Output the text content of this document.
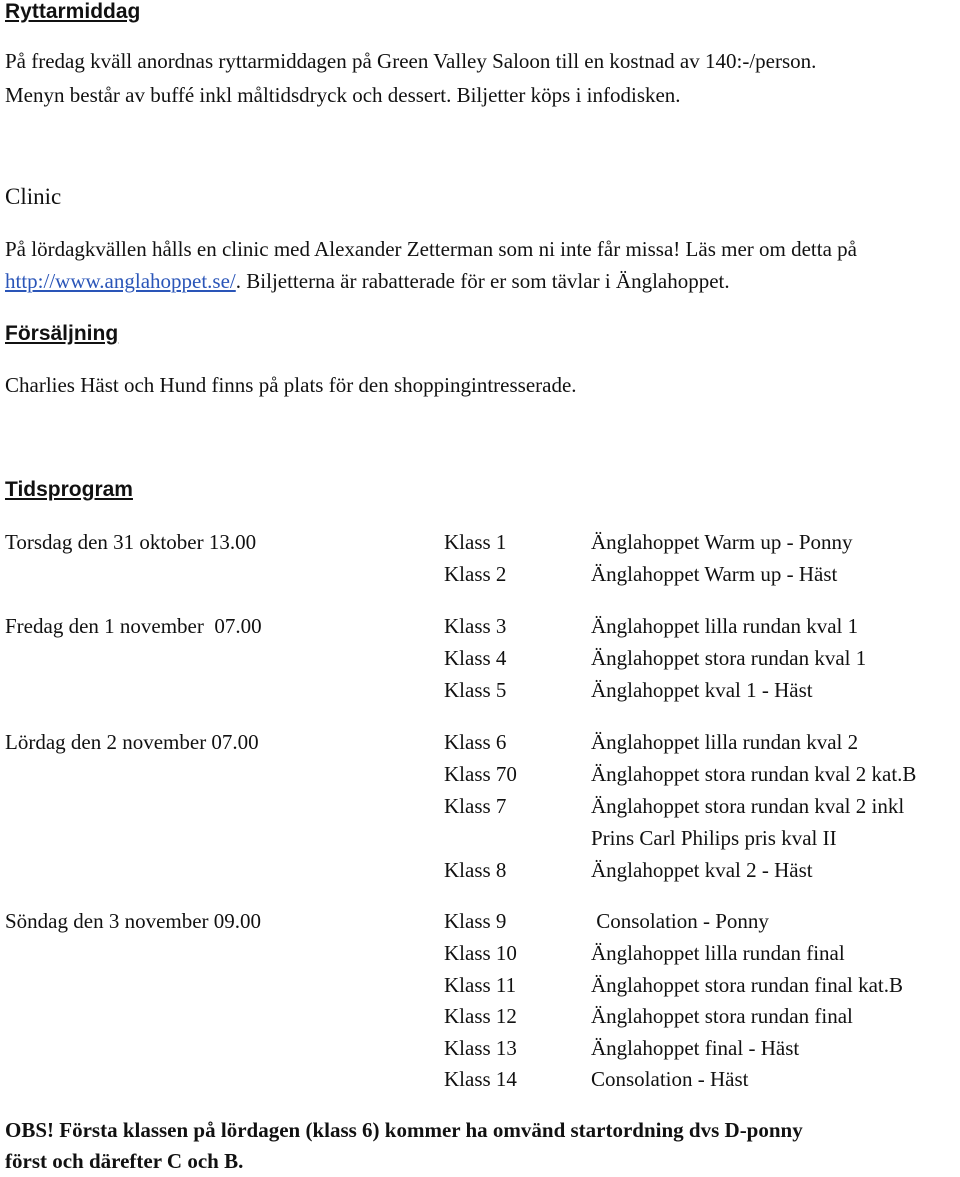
Ryttarmiddag

På fredag kväll anordnas ryttarmiddagen på Green Valley Saloon till en kostnad av 140:-/person.

Menyn består av buffé inkl måltidsdryck och dessert. Biljetter köps i infodisken.

Clinic

På lördagkvällen hålls en clinic med Alexander Zetterman som ni inte får missa! Läs mer om detta på

http://www.anglahoppet.se/. Biljetterna är rabatterade för er som tävlar i Änglahoppet.

Försäljning

Charlies Häst och Hund finns på plats för den shoppingintresserade.

Tidsprogram
Torsdag den 31 oktober 13.00	Klass 1	Änglahoppet Warm up - Ponny
Klass 2	Änglahoppet Warm up - Häst
Fredag den 1 november  07.00	Klass 3	Änglahoppet lilla rundan kval 1
Klass 4	Änglahoppet stora rundan kval 1
Klass 5	Änglahoppet kval 1 - Häst
Lördag den 2 november 07.00	Klass 6	Änglahoppet lilla rundan kval 2
Klass 70	Änglahoppet stora rundan kval 2 kat.B
Klass 7	Änglahoppet stora rundan kval 2 inkl
Prins Carl Philips pris kval II
Klass 8	Änglahoppet kval 2 - Häst
Söndag den 3 november 09.00	Klass 9	Consolation - Ponny
Klass 10	Änglahoppet lilla rundan final
Klass 11	Änglahoppet stora rundan final kat.B
Klass 12	Änglahoppet stora rundan final
Klass 13	Änglahoppet final - Häst
Klass 14	Consolation - Häst

OBS! Första klassen på lördagen (klass 6) kommer ha omvänd startordning dvs D-ponny

först och därefter C och B.
